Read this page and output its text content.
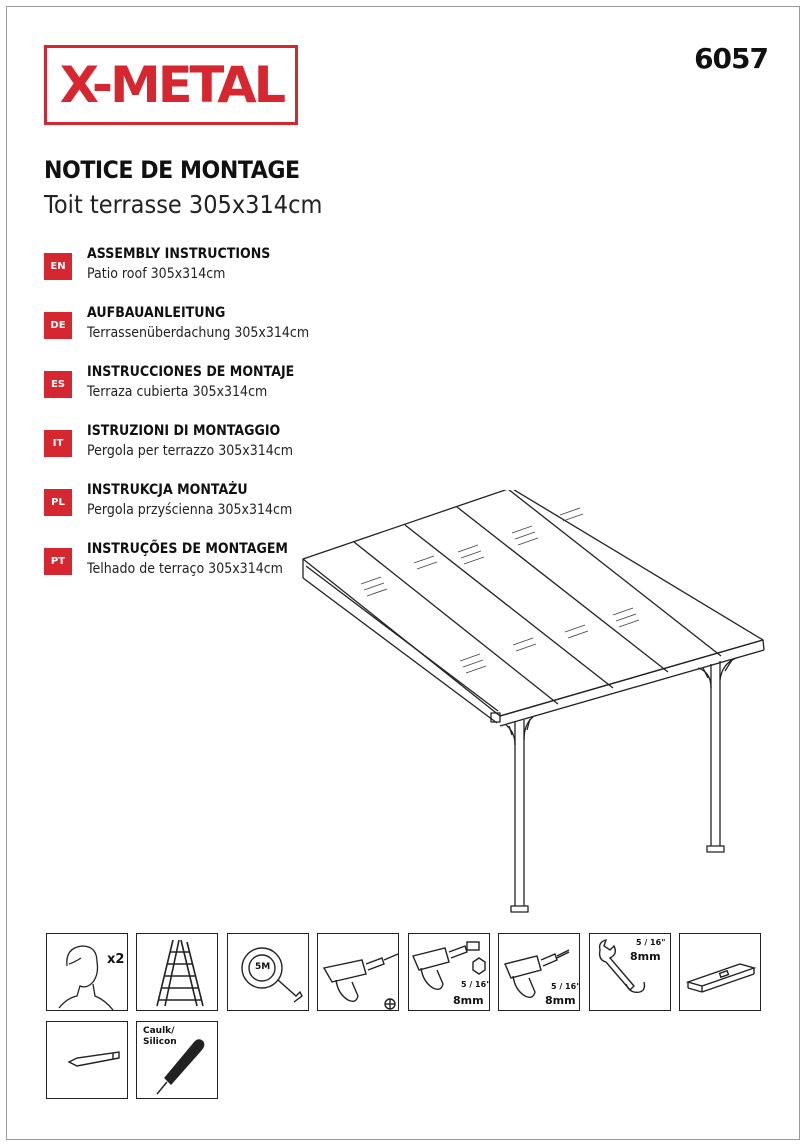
X-METAL	6057
NOTICE DE MONTAGE
Toit terrasse 305x314cm
EN
ASSEMBLY INSTRUCTIONS
Patio roof 305x314cm
DE
AUFBAUANLEITUNG
Terrassenüberdachung 305x314cm
ES
INSTRUCCIONES DE MONTAJE
Terraza cubierta 305x314cm
IT
ISTRUZIONI DI MONTAGGIO
Pergola per terrazzo 305x314cm
PL
INSTRUKCJA MONTAŻU
Pergola przyścienna 305x314cm
PT
INSTRUÇÕES DE MONTAGEM
Telhado de terraço 305x314cm
x2	5M
5 / 16"
8mm
5 / 16"
8mm
5 / 16"
8mm
Caulk/
Silicon
